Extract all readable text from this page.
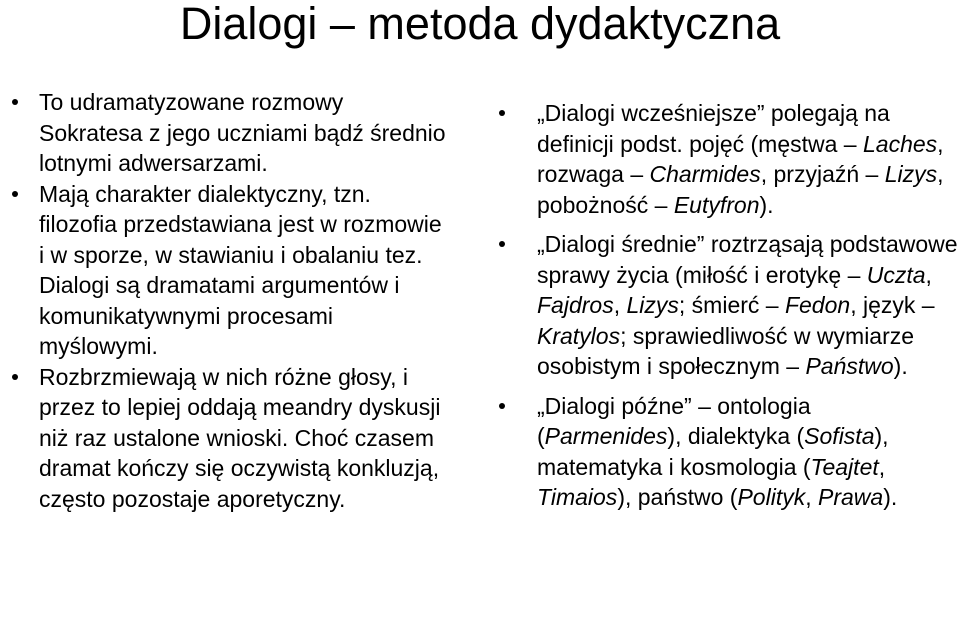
Dialogi – metoda dydaktyczna
To udramatyzowane rozmowy Sokratesa z jego uczniami bądź średnio lotnymi adwersarzami.
Mają charakter dialektyczny, tzn. filozofia przedstawiana jest w rozmowie i w sporze, w stawianiu i obalaniu tez. Dialogi są dramatami argumentów i komunikatywnymi procesami myślowymi.
Rozbrzmiewają w nich różne głosy, i przez to lepiej oddają meandry dyskusji niż raz ustalone wnioski. Choć czasem dramat kończy się oczywistą konkluzją, często pozostaje aporetyczny.
„Dialogi wcześniejsze” polegają na definicji podst. pojęć (męstwa – Laches, rozwaga – Charmides, przyjaźń – Lizys, pobożność – Eutyfron).
„Dialogi średnie” roztrząsają podstawowe sprawy życia (miłość i erotykę – Uczta, Fajdros, Lizys; śmierć – Fedon, język – Kratylos; sprawiedliwość w wymiarze osobistym i społecznym – Państwo).
„Dialogi późne” – ontologia (Parmenides), dialektyka (Sofista), matematyka i kosmologia (Teajtet, Timaios), państwo (Polityk, Prawa).
